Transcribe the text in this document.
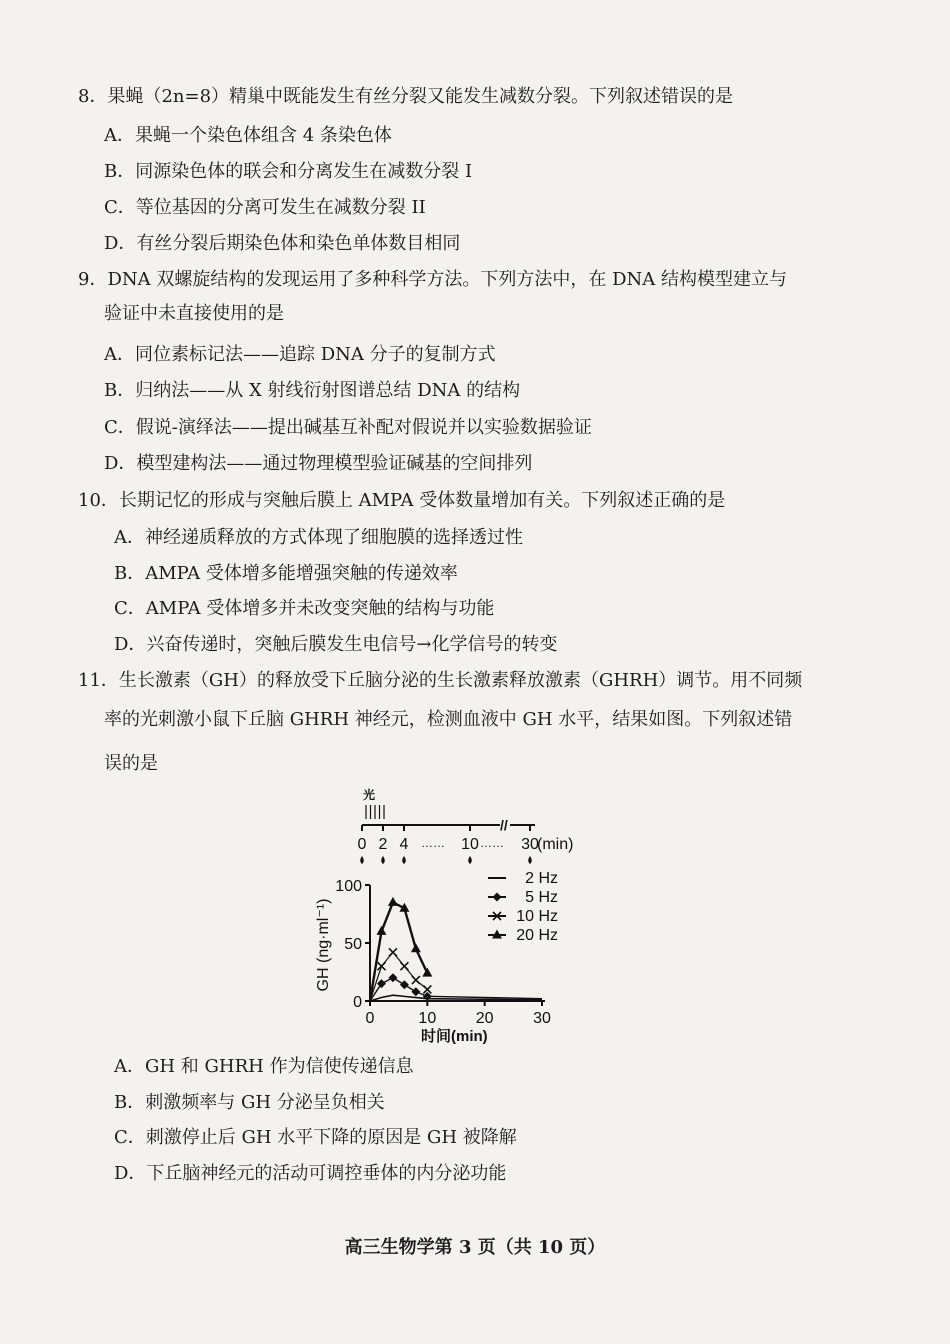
8．果蝇（2n=8）精巢中既能发生有丝分裂又能发生减数分裂。下列叙述错误的是
A．果蝇一个染色体组含 4 条染色体
B．同源染色体的联会和分离发生在减数分裂 I
C．等位基因的分离可发生在减数分裂 II
D．有丝分裂后期染色体和染色单体数目相同
9．DNA 双螺旋结构的发现运用了多种科学方法。下列方法中，在 DNA 结构模型建立与
验证中未直接使用的是
A．同位素标记法——追踪 DNA 分子的复制方式
B．归纳法——从 X 射线衍射图谱总结 DNA 的结构
C．假说-演绎法——提出碱基互补配对假说并以实验数据验证
D．模型建构法——通过物理模型验证碱基的空间排列
10．长期记忆的形成与突触后膜上 AMPA 受体数量增加有关。下列叙述正确的是
A．神经递质释放的方式体现了细胞膜的选择透过性
B．AMPA 受体增多能增强突触的传递效率
C．AMPA 受体增多并未改变突触的结构与功能
D．兴奋传递时，突触后膜发生电信号→化学信号的转变
11．生长激素（GH）的释放受下丘脑分泌的生长激素释放激素（GHRH）调节。用不同频
率的光刺激小鼠下丘脑 GHRH 神经元，检测血液中 GH 水平，结果如图。下列叙述错
误的是
光
//
0 2 4 …… 10 …… 30
(min)
GH (ng·ml⁻¹)
0
50
100
0	10 20 30
时间(min)
2 Hz
5 Hz
10 Hz
20 Hz
A．GH 和 GHRH 作为信使传递信息
B．刺激频率与 GH 分泌呈负相关
C．刺激停止后 GH 水平下降的原因是 GH 被降解
D．下丘脑神经元的活动可调控垂体的内分泌功能
高三生物学第 3 页（共 10 页）
